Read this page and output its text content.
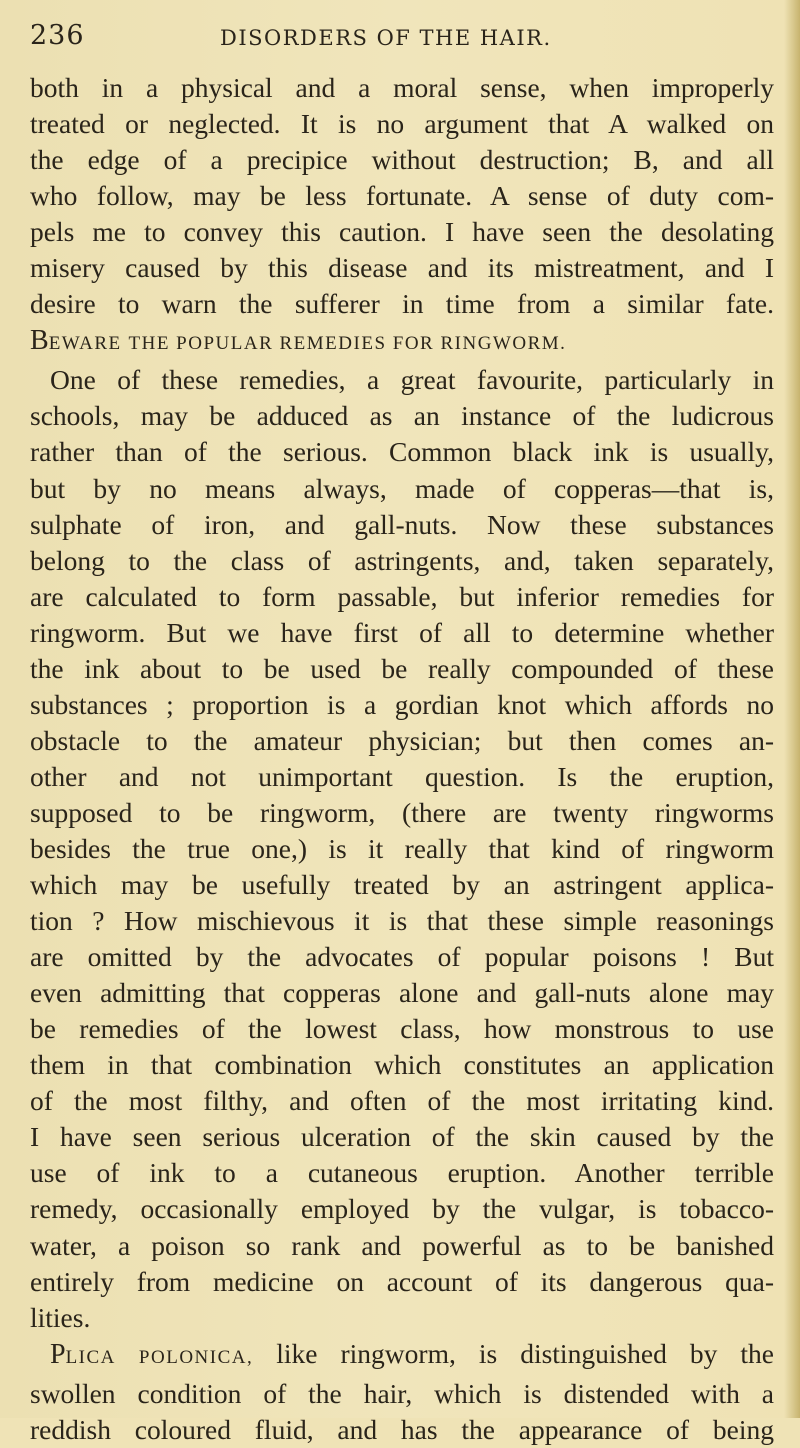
236	DISORDERS OF THE HAIR.
both in a physical and a moral sense, when improperly
treated or neglected. It is no argument that A walked on
the edge of a precipice without destruction; B, and all
who follow, may be less fortunate. A sense of duty com-
pels me to convey this caution. I have seen the desolating
misery caused by this disease and its mistreatment, and I
desire to warn the sufferer in time from a similar fate.
BEWARE THE POPULAR REMEDIES FOR RINGWORM.
One of these remedies, a great favourite, particularly in
schools, may be adduced as an instance of the ludicrous
rather than of the serious. Common black ink is usually,
but by no means always, made of copperas—that is,
sulphate of iron, and gall-nuts. Now these substances
belong to the class of astringents, and, taken separately,
are calculated to form passable, but inferior remedies for
ringworm. But we have first of all to determine whether
the ink about to be used be really compounded of these
substances ; proportion is a gordian knot which affords no
obstacle to the amateur physician; but then comes an-
other and not unimportant question. Is the eruption,
supposed to be ringworm, (there are twenty ringworms
besides the true one,) is it really that kind of ringworm
which may be usefully treated by an astringent applica-
tion ? How mischievous it is that these simple reasonings
are omitted by the advocates of popular poisons ! But
even admitting that copperas alone and gall-nuts alone may
be remedies of the lowest class, how monstrous to use
them in that combination which constitutes an application
of the most filthy, and often of the most irritating kind.
I have seen serious ulceration of the skin caused by the
use of ink to a cutaneous eruption. Another terrible
remedy, occasionally employed by the vulgar, is tobacco-
water, a poison so rank and powerful as to be banished
entirely from medicine on account of its dangerous qua-
lities.
PLICA POLONICA, like ringworm, is distinguished by the
swollen condition of the hair, which is distended with a
reddish coloured fluid, and has the appearance of being
